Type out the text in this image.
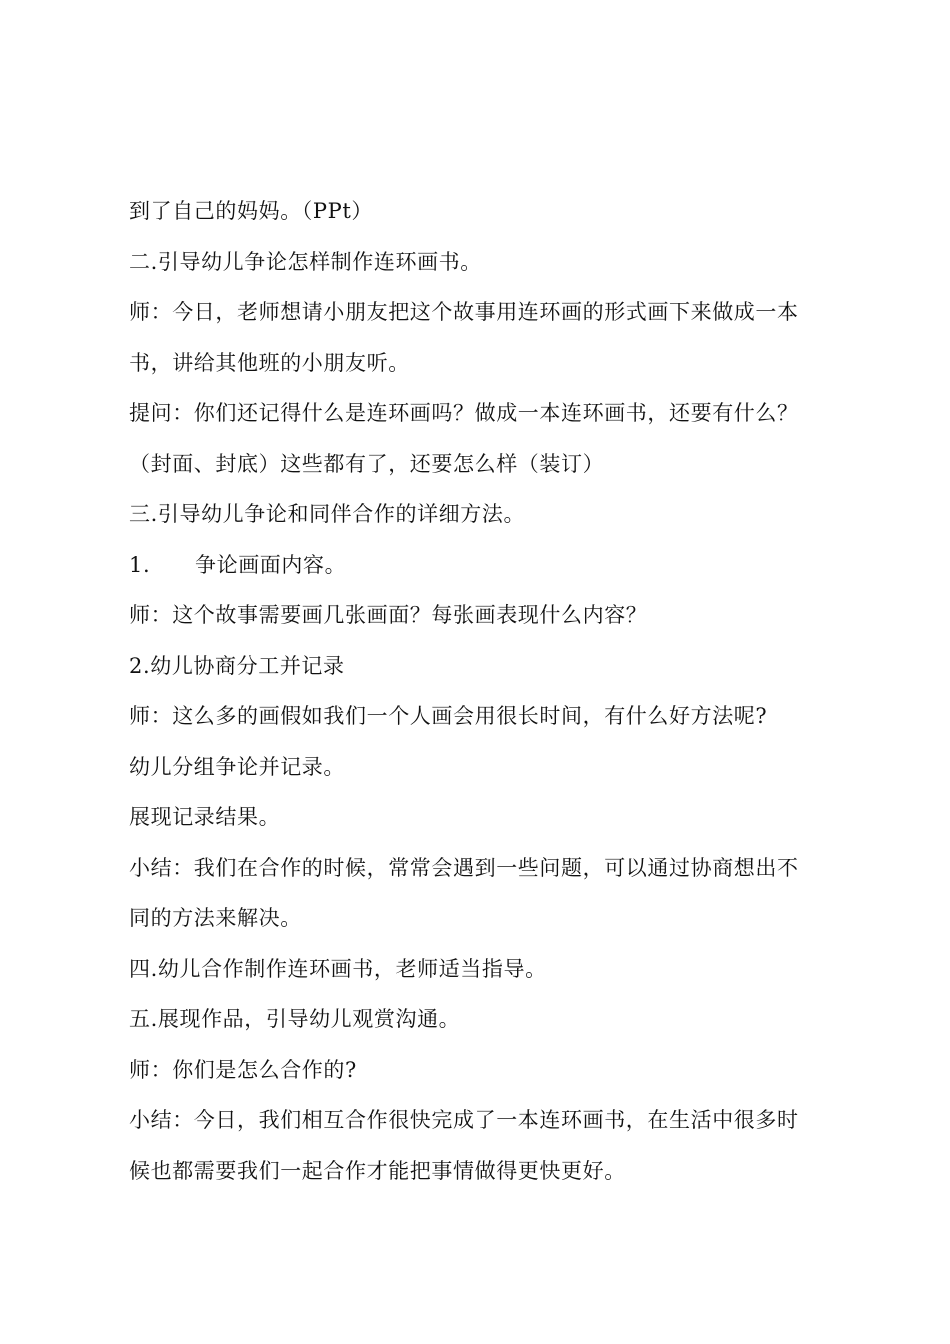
到了自己的妈妈。（PPt）
二.引导幼儿争论怎样制作连环画书。
师：今日，老师想请小朋友把这个故事用连环画的形式画下来做成一本
书，讲给其他班的小朋友听。
提问：你们还记得什么是连环画吗？做成一本连环画书，还要有什么？
（封面、封底）这些都有了，还要怎么样（装订）
三.引导幼儿争论和同伴合作的详细方法。
1. 争论画面内容。
师：这个故事需要画几张画面？每张画表现什么内容？
2.幼儿协商分工并记录
师：这么多的画假如我们一个人画会用很长时间，有什么好方法呢?
幼儿分组争论并记录。
展现记录结果。
小结：我们在合作的时候，常常会遇到一些问题，可以通过协商想出不
同的方法来解决。
四.幼儿合作制作连环画书，老师适当指导。
五.展现作品，引导幼儿观赏沟通。
师：你们是怎么合作的?
小结：今日，我们相互合作很快完成了一本连环画书，在生活中很多时
候也都需要我们一起合作才能把事情做得更快更好。
